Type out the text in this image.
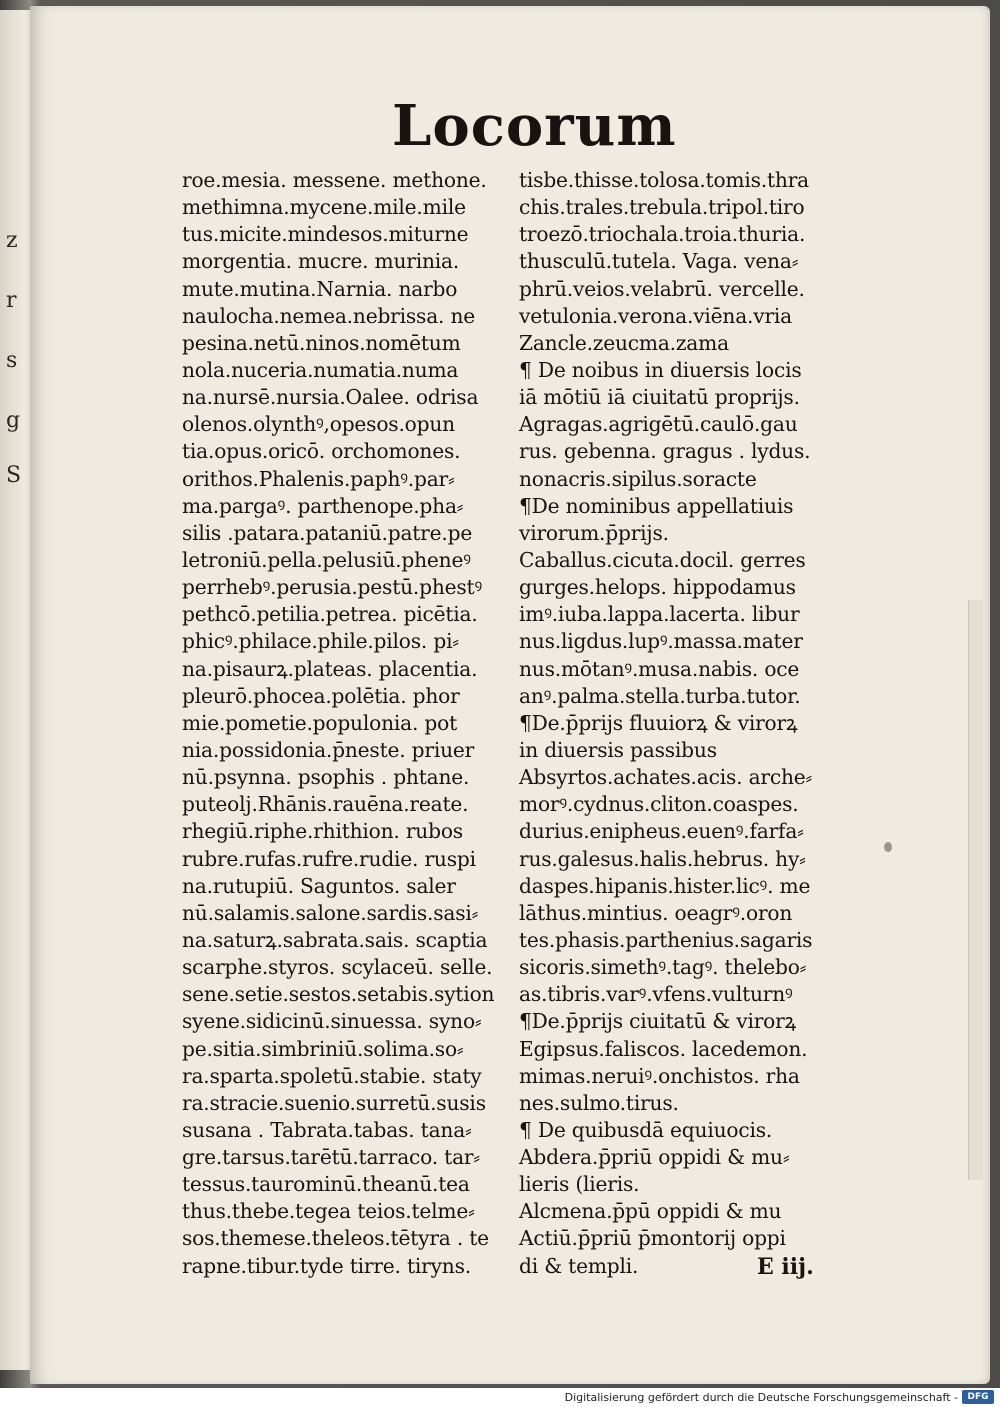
z
r
s
g
S
Locorum
roe.mesia. messene. methone.
methimna.mycene.mile.mile
tus.micite.mindesos.miturne
morgentia. mucre. murinia.
mute.mutina.Narnia. narbo
naulocha.nemea.nebrissa. ne
pesina.netū.ninos.nomētum
nola.nuceria.numatia.numa
na.nursē.nursia.Oalee. odrisa
olenos.olynthꝰ,opesos.opun
tia.opus.oricō. orchomones.
orithos.Phalenis.paphꝰ.par⸗
ma.pargaꝰ. parthenope.pha⸗
silis .patara.pataniū.patre.pe
letroniū.pella.pelusiū.pheneꝰ
perrhebꝰ.perusia.pestū.phestꝰ
pethcō.petilia.petrea. picētia.
phicꝰ.philace.phile.pilos. pi⸗
na.pisaurꝝ.plateas. placentia.
pleurō.phocea.polētia. phor
mie.pometie.populonia. pot
nia.possidonia.p̄neste. priuer
nū.psynna. psophis . phtane.
puteolj.Rhānis.rauēna.reate.
rhegiū.riphe.rhithion. rubos
rubre.rufas.rufre.rudie. ruspi
na.rutupiū. Saguntos. saler
nū.salamis.salone.sardis.sasi⸗
na.saturꝝ.sabrata.sais. scaptia
scarphe.styros. scylaceū. selle.
sene.setie.sestos.setabis.sytion
syene.sidicinū.sinuessa. syno⸗
pe.sitia.simbriniū.solima.so⸗
ra.sparta.spoletū.stabie. staty
ra.stracie.suenio.surretū.susis
susana . Tabrata.tabas. tana⸗
gre.tarsus.tarētū.tarraco. tar⸗
tessus.taurominū.theanū.tea
thus.thebe.tegea teios.telme⸗
sos.themese.theleos.tētyra . te
rapne.tibur.tyde tirre. tiryns.
tisbe.thisse.tolosa.tomis.thra
chis.trales.trebula.tripol.tiro
troezō.triochala.troia.thuria.
thusculū.tutela. Vaga. vena⸗
phrū.veios.velabrū. vercelle.
vetulonia.verona.viēna.vria
Zancle.zeucma.zama
¶ De noibus in diuersis locis
iā mōtiū iā ciuitatū proprijs.
Agragas.agrigētū.caulō.gau
rus. gebenna. gragus . lydus.
nonacris.sipilus.soracte
¶De nominibus appellatiuis
virorum.p̄prijs.
Caballus.cicuta.docil. gerres
gurges.helops. hippodamus
imꝰ.iuba.lappa.lacerta. libur
nus.ligdus.lupꝰ.massa.mater
nus.mōtanꝰ.musa.nabis. oce
anꝰ.palma.stella.turba.tutor.
¶De.p̄prijs fluuiorꝝ & virorꝝ
in diuersis passibus
Absyrtos.achates.acis. arche⸗
morꝰ.cydnus.cliton.coaspes.
durius.enipheus.euenꝰ.farfa⸗
rus.galesus.halis.hebrus. hy⸗
daspes.hipanis.hister.licꝰ. me
lāthus.mintius. oeagrꝰ.oron
tes.phasis.parthenius.sagaris
sicoris.simethꝰ.tagꝰ. thelebo⸗
as.tibris.varꝰ.vfens.vulturnꝰ
¶De.p̄prijs ciuitatū & virorꝝ
Egipsus.faliscos. lacedemon.
mimas.neruiꝰ.onchistos. rha
nes.sulmo.tirus.
¶ De quibusdā equiuocis.
Abdera.p̄priū oppidi & mu⸗
lieris (lieris.
Alcmena.p̄pū oppidi & mu
Actiū.p̄priū p̄montorij oppi
di & templi.	E iij.
Digitalisierung gefördert durch die Deutsche Forschungsgemeinschaft -	DFG
